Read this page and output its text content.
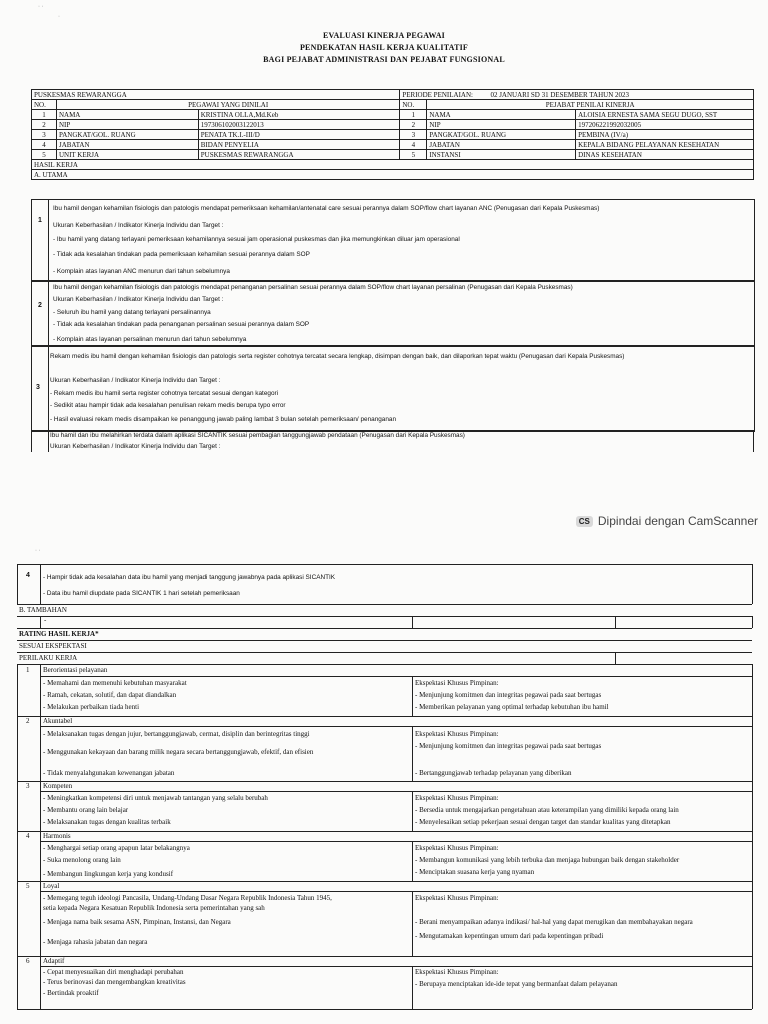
EVALUASI KINERJA PEGAWAI
PENDEKATAN HASIL KERJA KUALITATIF
BAGI PEJABAT ADMINISTRASI DAN PEJABAT FUNGSIONAL
PUSKESMAS REWARANGGA			PERIODE PENILAIAN: 02 JANUARI SD 31 DESEMBER TAHUN 2023		
NO.	PEGAWAI YANG DINILAI		NO.	PEJABAT PENILAI KINERJA	
1	NAMA	KRISTINA OLLA,Md.Keb	1	NAMA	ALOISIA ERNESTA SAMA SEGU DUGO, SST
2	NIP	197306102003122013	2	NIP	197206221992032005
3	PANGKAT/GOL. RUANG	PENATA TK.I.-III/D	3	PANGKAT/GOL. RUANG	PEMBINA (IV/a)
4	JABATAN	BIDAN PENYELIA	4	JABATAN	KEPALA BIDANG PELAYANAN KESEHATAN
5	UNIT KERJA	PUSKESMAS REWARANGGA	5	INSTANSI	DINAS KESEHATAN
HASIL KERJA					
A. UTAMA					
1
Ibu hamil dengan kehamilan fisiologis dan patologis mendapat pemeriksaan kehamilan/antenatal care sesuai perannya dalam SOP/flow chart layanan ANC (Penugasan dari Kepala Puskesmas)
Ukuran Keberhasilan / Indikator Kinerja Individu dan Target :
- Ibu hamil yang datang terlayani pemeriksaan kehamilannya sesuai jam operasional puskesmas dan jika memungkinkan diluar jam operasional
- Tidak ada kesalahan tindakan pada pemeriksaan kehamilan sesuai perannya dalam SOP
- Komplain atas layanan ANC menurun dari tahun sebelumnya
2
Ibu hamil dengan kehamilan fisiologis dan patologis mendapat penanganan persalinan sesuai perannya dalam SOP/flow chart layanan persalinan (Penugasan dari Kepala Puskesmas)
Ukuran Keberhasilan / Indikator Kinerja Individu dan Target :
- Seluruh ibu hamil yang datang terlayani persalinannya
- Tidak ada kesalahan tindakan pada penanganan persalinan sesuai perannya dalam SOP
- Komplain atas layanan persalinan menurun dari tahun sebelumnya
3
Rekam medis ibu hamil dengan kehamilan fisiologis dan patologis serta register cohotnya tercatat secara lengkap, disimpan dengan baik, dan dilaporkan tepat waktu (Penugasan dari Kepala Puskesmas)
Ukuran Keberhasilan / Indikator Kinerja Individu dan Target :
- Rekam medis ibu hamil serta register cohotnya tercatat sesuai dengan kategori
- Sedikit atau hampir tidak ada kesalahan penulisan rekam medis berupa typo error
- Hasil evaluasi rekam medis disampaikan ke penanggung jawab paling lambat 3 bulan setelah pemeriksaan/ penanganan
Ibu hamil dan ibu melahirkan terdata dalam aplikasi SICANTIK sesuai pembagian tanggungjawab pendataan (Penugasan dari Kepala Puskesmas)
Ukuran Keberhasilan / Indikator Kinerja Individu dan Target :
· ·
·
CS Dipindai dengan CamScanner
· ·
4 - Hampir tidak ada kesalahan data ibu hamil yang menjadi tanggung jawabnya pada aplikasi SICANTIK
- Data ibu hamil diupdate pada SICANTIK 1 hari setelah pemeriksaan
B. TAMBAHAN
-
RATING HASIL KERJA*
SESUAI EKSPEKTASI
PERILAKU KERJA
1 Berorientasi pelayanan
- Memahami dan memenuhi kebutuhan masyarakat
- Ramah, cekatan, solutif, dan dapat diandalkan
- Melakukan perbaikan tiada henti
Ekspektasi Khusus Pimpinan:
- Menjunjung komitmen dan integritas pegawai pada saat bertugas
- Memberikan pelayanan yang optimal terhadap kebutuhan ibu hamil
2 Akuntabel
- Melaksanakan tugas dengan jujur, bertanggungjawab, cermat, disiplin dan berintegritas tinggi
- Menggunakan kekayaan dan barang milik negara secara bertanggungjawab, efektif, dan efisien
- Tidak menyalahgunakan kewenangan jabatan
Ekspektasi Khusus Pimpinan:
- Menjunjung komitmen dan integritas pegawai pada saat bertugas
- Bertanggungjawab terhadap pelayanan yang diberikan
3 Kompeten
- Meningkatkan kompetensi diri untuk menjawab tantangan yang selalu berubah
- Membantu orang lain belajar
- Melaksanakan tugas dengan kualitas terbaik
Ekspektasi Khusus Pimpinan:
- Bersedia untuk mengajarkan pengetahuan atau keterampilan yang dimiliki kepada orang lain
- Menyelesaikan setiap pekerjaan sesuai dengan target dan standar kualitas yang ditetapkan
4 Harmonis
- Menghargai setiap orang apapun latar belakangnya
- Suka menolong orang lain
- Membangun lingkungan kerja yang kondusif
Ekspektasi Khusus Pimpinan:
- Membangun komunikasi yang lebih terbuka dan menjaga hubungan baik dengan stakeholder
- Menciptakan suasana kerja yang nyaman
5 Loyal
- Memegang teguh ideologi Pancasila, Undang-Undang Dasar Negara Republik Indonesia Tahun 1945,
setia kepada Negara Kesatuan Republik Indonesia serta pemerintahan yang sah
- Menjaga nama baik sesama ASN, Pimpinan, Instansi, dan Negara
- Menjaga rahasia jabatan dan negara
Ekspektasi Khusus Pimpinan:
- Berani menyampaikan adanya indikasi/ hal-hal yang dapat merugikan dan membahayakan negara
- Mengutamakan kepentingan umum dari pada kepentingan pribadi
6 Adaptif
- Cepat menyesuaikan diri menghadapi perubahan
- Terus berinovasi dan mengembangkan kreativitas
- Bertindak proaktif
Ekspektasi Khusus Pimpinan:
- Berupaya menciptakan ide-ide tepat yang bermanfaat dalam pelayanan
